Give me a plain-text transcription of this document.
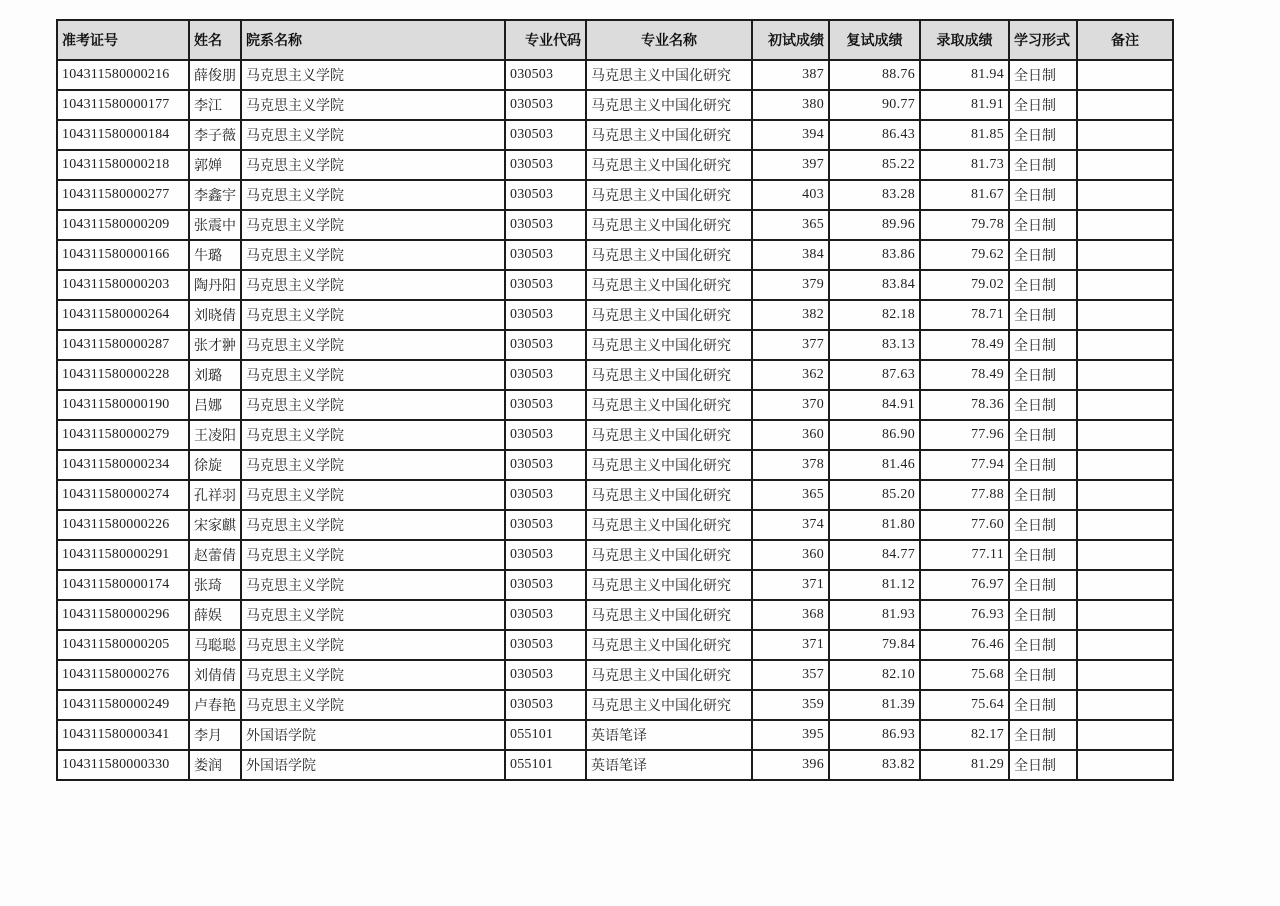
准考证号	姓名	院系名称	专业代码	专业名称	初试成绩	复试成绩	录取成绩	学习形式	备注
104311580000216	薛俊朋	马克思主义学院	030503	马克思主义中国化研究	387	88.76	81.94	全日制	
104311580000177	李江	马克思主义学院	030503	马克思主义中国化研究	380	90.77	81.91	全日制	
104311580000184	李子薇	马克思主义学院	030503	马克思主义中国化研究	394	86.43	81.85	全日制	
104311580000218	郭婵	马克思主义学院	030503	马克思主义中国化研究	397	85.22	81.73	全日制	
104311580000277	李鑫宇	马克思主义学院	030503	马克思主义中国化研究	403	83.28	81.67	全日制	
104311580000209	张震中	马克思主义学院	030503	马克思主义中国化研究	365	89.96	79.78	全日制	
104311580000166	牛璐	马克思主义学院	030503	马克思主义中国化研究	384	83.86	79.62	全日制	
104311580000203	陶丹阳	马克思主义学院	030503	马克思主义中国化研究	379	83.84	79.02	全日制	
104311580000264	刘晓倩	马克思主义学院	030503	马克思主义中国化研究	382	82.18	78.71	全日制	
104311580000287	张才翀	马克思主义学院	030503	马克思主义中国化研究	377	83.13	78.49	全日制	
104311580000228	刘璐	马克思主义学院	030503	马克思主义中国化研究	362	87.63	78.49	全日制	
104311580000190	吕娜	马克思主义学院	030503	马克思主义中国化研究	370	84.91	78.36	全日制	
104311580000279	王凌阳	马克思主义学院	030503	马克思主义中国化研究	360	86.90	77.96	全日制	
104311580000234	徐旋	马克思主义学院	030503	马克思主义中国化研究	378	81.46	77.94	全日制	
104311580000274	孔祥羽	马克思主义学院	030503	马克思主义中国化研究	365	85.20	77.88	全日制	
104311580000226	宋家麒	马克思主义学院	030503	马克思主义中国化研究	374	81.80	77.60	全日制	
104311580000291	赵蕾倩	马克思主义学院	030503	马克思主义中国化研究	360	84.77	77.11	全日制	
104311580000174	张琦	马克思主义学院	030503	马克思主义中国化研究	371	81.12	76.97	全日制	
104311580000296	薛娱	马克思主义学院	030503	马克思主义中国化研究	368	81.93	76.93	全日制	
104311580000205	马聪聪	马克思主义学院	030503	马克思主义中国化研究	371	79.84	76.46	全日制	
104311580000276	刘倩倩	马克思主义学院	030503	马克思主义中国化研究	357	82.10	75.68	全日制	
104311580000249	卢春艳	马克思主义学院	030503	马克思主义中国化研究	359	81.39	75.64	全日制	
104311580000341	李月	外国语学院	055101	英语笔译	395	86.93	82.17	全日制	
104311580000330	娄润	外国语学院	055101	英语笔译	396	83.82	81.29	全日制	
